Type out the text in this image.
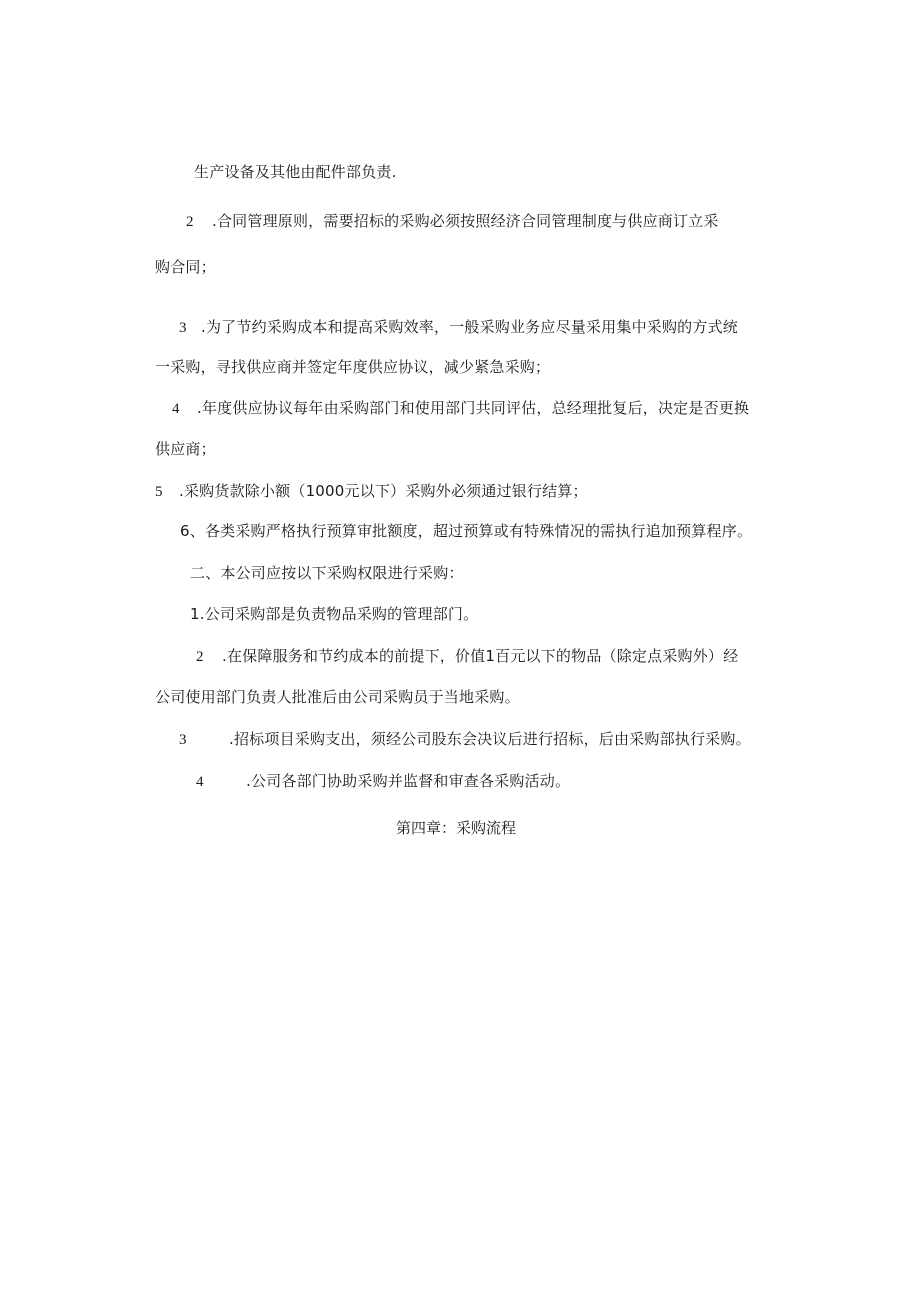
生产设备及其他由配件部负责.
2 .合同管理原则，需要招标的采购必须按照经济合同管理制度与供应商订立采
购合同；
3 .为了节约采购成本和提高采购效率，一般采购业务应尽量采用集中采购的方式统
一采购，寻找供应商并签定年度供应协议，减少紧急采购；
4 .年度供应协议每年由采购部门和使用部门共同评估，总经理批复后，决定是否更换
供应商；
5 .采购货款除小额（1000元以下）采购外必须通过银行结算；
6、各类采购严格执行预算审批额度，超过预算或有特殊情况的需执行追加预算程序。
二、本公司应按以下采购权限进行采购：
1.公司采购部是负责物品采购的管理部门。
2 .在保障服务和节约成本的前提下，价值1百元以下的物品（除定点采购外）经
公司使用部门负责人批准后由公司采购员于当地采购。
3	.招标项目采购支出，须经公司股东会决议后进行招标，后由采购部执行采购。
4	.公司各部门协助采购并监督和审查各采购活动。
第四章：采购流程
